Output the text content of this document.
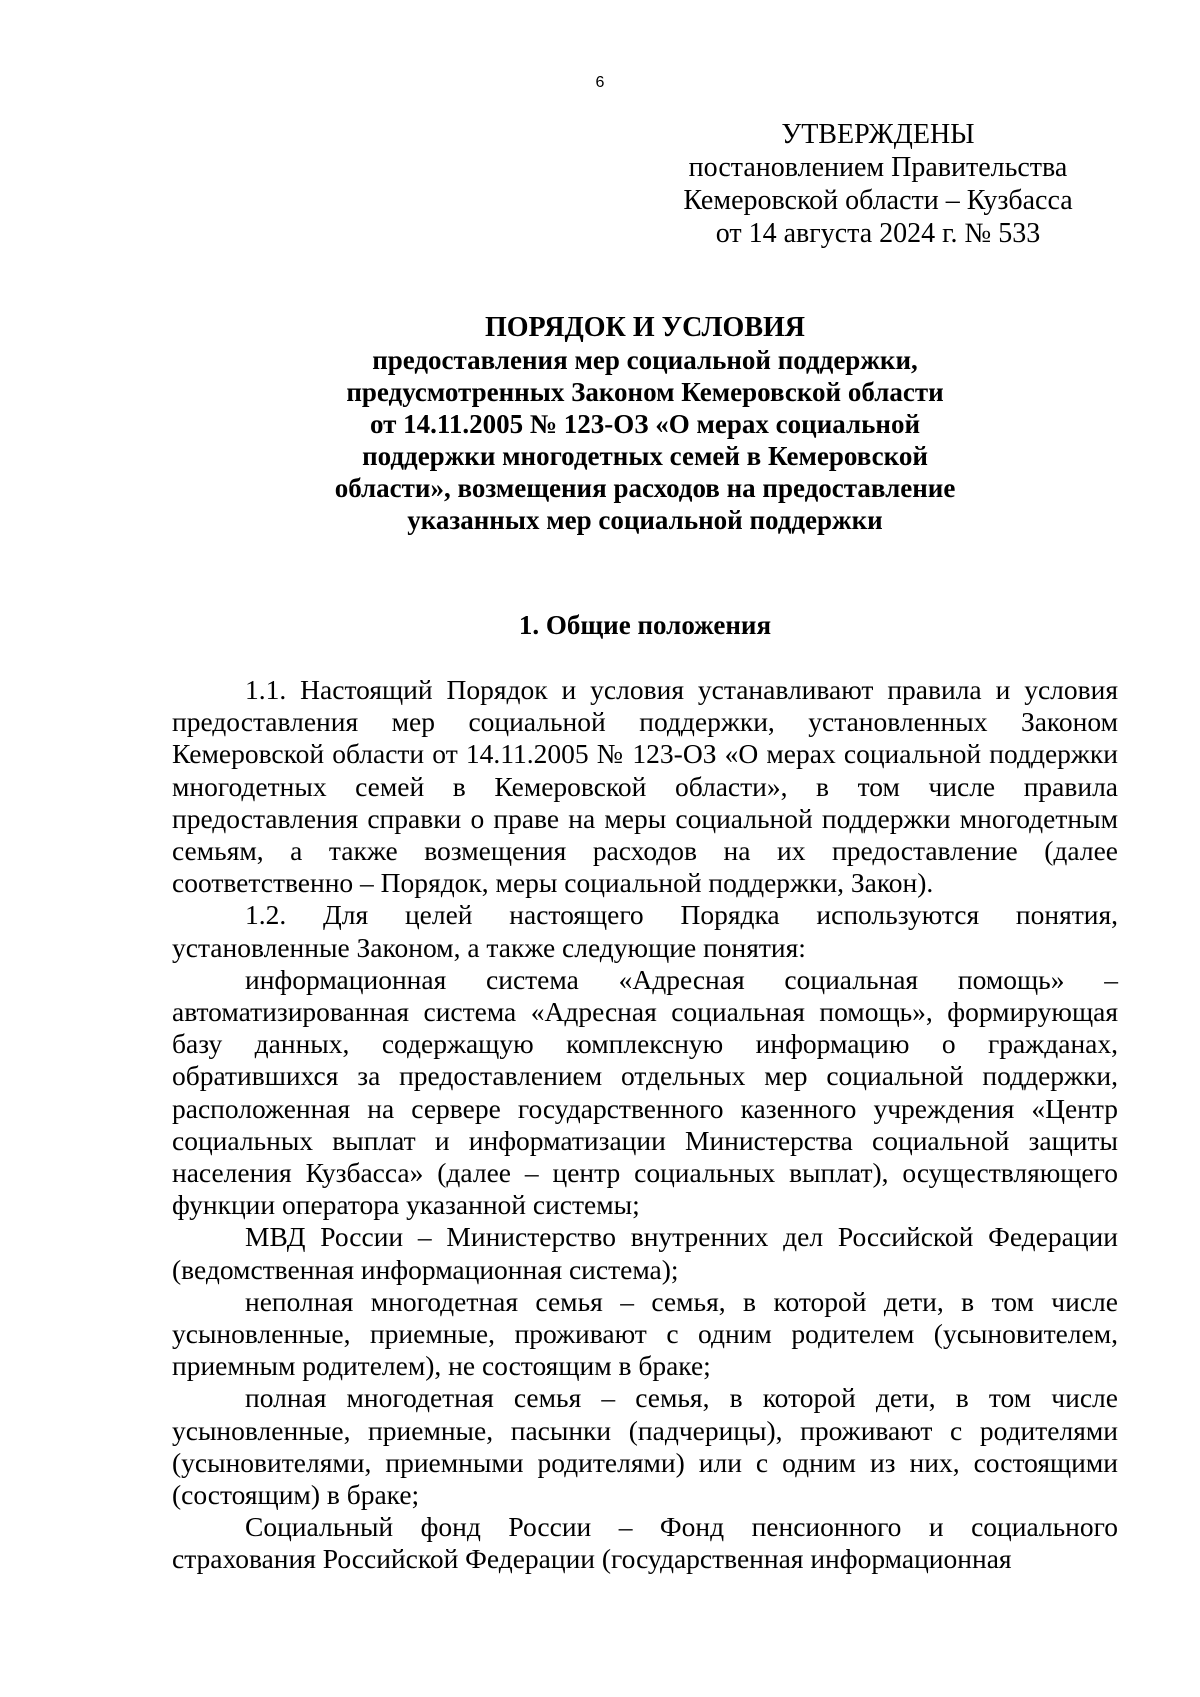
6
УТВЕРЖДЕНЫ
постановлением Правительства
Кемеровской области – Кузбасса
от 14 августа 2024 г. № 533
ПОРЯДОК И УСЛОВИЯ
предоставления мер социальной поддержки,
предусмотренных Законом Кемеровской области
от 14.11.2005 № 123-ОЗ «О мерах социальной
поддержки многодетных семей в Кемеровской
области», возмещения расходов на предоставление
указанных мер социальной поддержки
1. Общие положения

1.1. Настоящий Порядок и условия устанавливают правила и условия предоставления мер социальной поддержки, установленных Законом Кемеровской области от 14.11.2005 № 123-ОЗ «О мерах социальной поддержки многодетных семей в Кемеровской области», в том числе правила предоставления справки о праве на меры социальной поддержки многодетным семьям, а также возмещения расходов на их предоставление (далее соответственно – Порядок, меры социальной поддержки, Закон).

1.2. Для целей настоящего Порядка используются понятия, установленные Законом, а также следующие понятия:

информационная система «Адресная социальная помощь» – автоматизированная система «Адресная социальная помощь», формирующая базу данных, содержащую комплексную информацию о гражданах, обратившихся за предоставлением отдельных мер социальной поддержки, расположенная на сервере государственного казенного учреждения «Центр социальных выплат и информатизации Министерства социальной защиты населения Кузбасса» (далее – центр социальных выплат), осуществляющего функции оператора указанной системы;

МВД России – Министерство внутренних дел Российской Федерации (ведомственная информационная система);

неполная многодетная семья – семья, в которой дети, в том числе усыновленные, приемные, проживают с одним родителем (усыновителем, приемным родителем), не состоящим в браке;

полная многодетная семья – семья, в которой дети, в том числе усыновленные, приемные, пасынки (падчерицы), проживают с родителями (усыновителями, приемными родителями) или с одним из них, состоящими (состоящим) в браке;

Социальный фонд России – Фонд пенсионного и социального страхования Российской Федерации (государственная информационная
